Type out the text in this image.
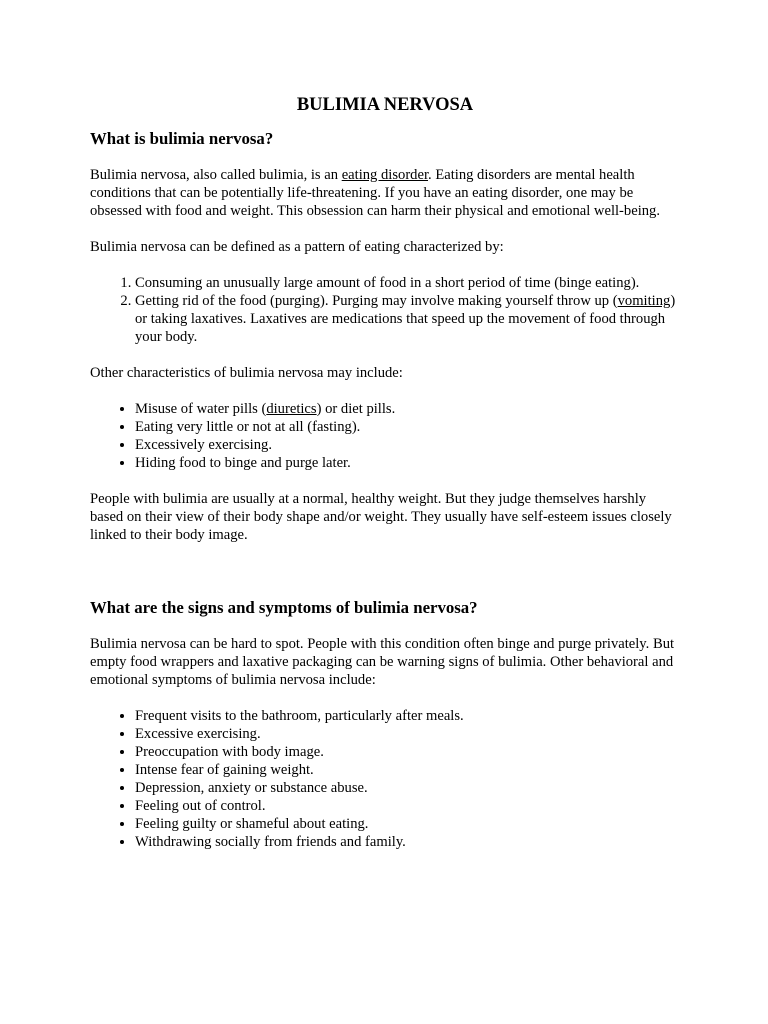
BULIMIA NERVOSA
What is bulimia nervosa?

Bulimia nervosa, also called bulimia, is an eating disorder. Eating disorders are mental health conditions that can be potentially life-threatening. If you have an eating disorder, one may be obsessed with food and weight. This obsession can harm their physical and emotional well-being.

Bulimia nervosa can be defined as a pattern of eating characterized by:

1. Consuming an unusually large amount of food in a short period of time (binge eating).
2. Getting rid of the food (purging). Purging may involve making yourself throw up (vomiting) or taking laxatives. Laxatives are medications that speed up the movement of food through your body.

Other characteristics of bulimia nervosa may include:

• Misuse of water pills (diuretics) or diet pills.
• Eating very little or not at all (fasting).
• Excessively exercising.
• Hiding food to binge and purge later.

People with bulimia are usually at a normal, healthy weight. But they judge themselves harshly based on their view of their body shape and/or weight. They usually have self-esteem issues closely linked to their body image.

What are the signs and symptoms of bulimia nervosa?

Bulimia nervosa can be hard to spot. People with this condition often binge and purge privately. But empty food wrappers and laxative packaging can be warning signs of bulimia. Other behavioral and emotional symptoms of bulimia nervosa include:

• Frequent visits to the bathroom, particularly after meals.
• Excessive exercising.
• Preoccupation with body image.
• Intense fear of gaining weight.
• Depression, anxiety or substance abuse.
• Feeling out of control.
• Feeling guilty or shameful about eating.
• Withdrawing socially from friends and family.
